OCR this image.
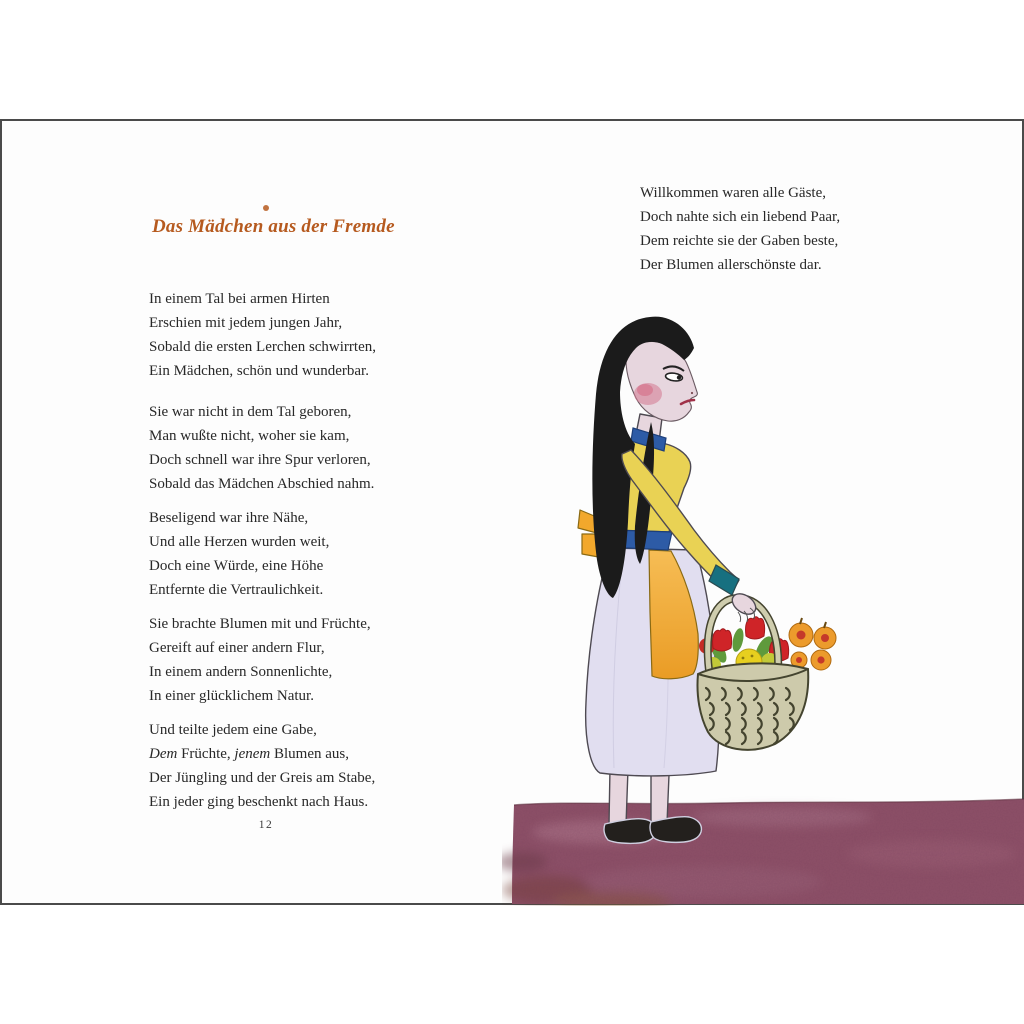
Das Mädchen aus der Fremde
In einem Tal bei armen Hirten
Erschien mit jedem jungen Jahr,
Sobald die ersten Lerchen schwirrten,
Ein Mädchen, schön und wunderbar.
Sie war nicht in dem Tal geboren,
Man wußte nicht, woher sie kam,
Doch schnell war ihre Spur verloren,
Sobald das Mädchen Abschied nahm.
Beseligend war ihre Nähe,
Und alle Herzen wurden weit,
Doch eine Würde, eine Höhe
Entfernte die Vertraulichkeit.
Sie brachte Blumen mit und Früchte,
Gereift auf einer andern Flur,
In einem andern Sonnenlichte,
In einer glücklichem Natur.
Und teilte jedem eine Gabe,
Dem Früchte, jenem Blumen aus,
Der Jüngling und der Greis am Stabe,
Ein jeder ging beschenkt nach Haus.
12
Willkommen waren alle Gäste,
Doch nahte sich ein liebend Paar,
Dem reichte sie der Gaben beste,
Der Blumen allerschönste dar.
